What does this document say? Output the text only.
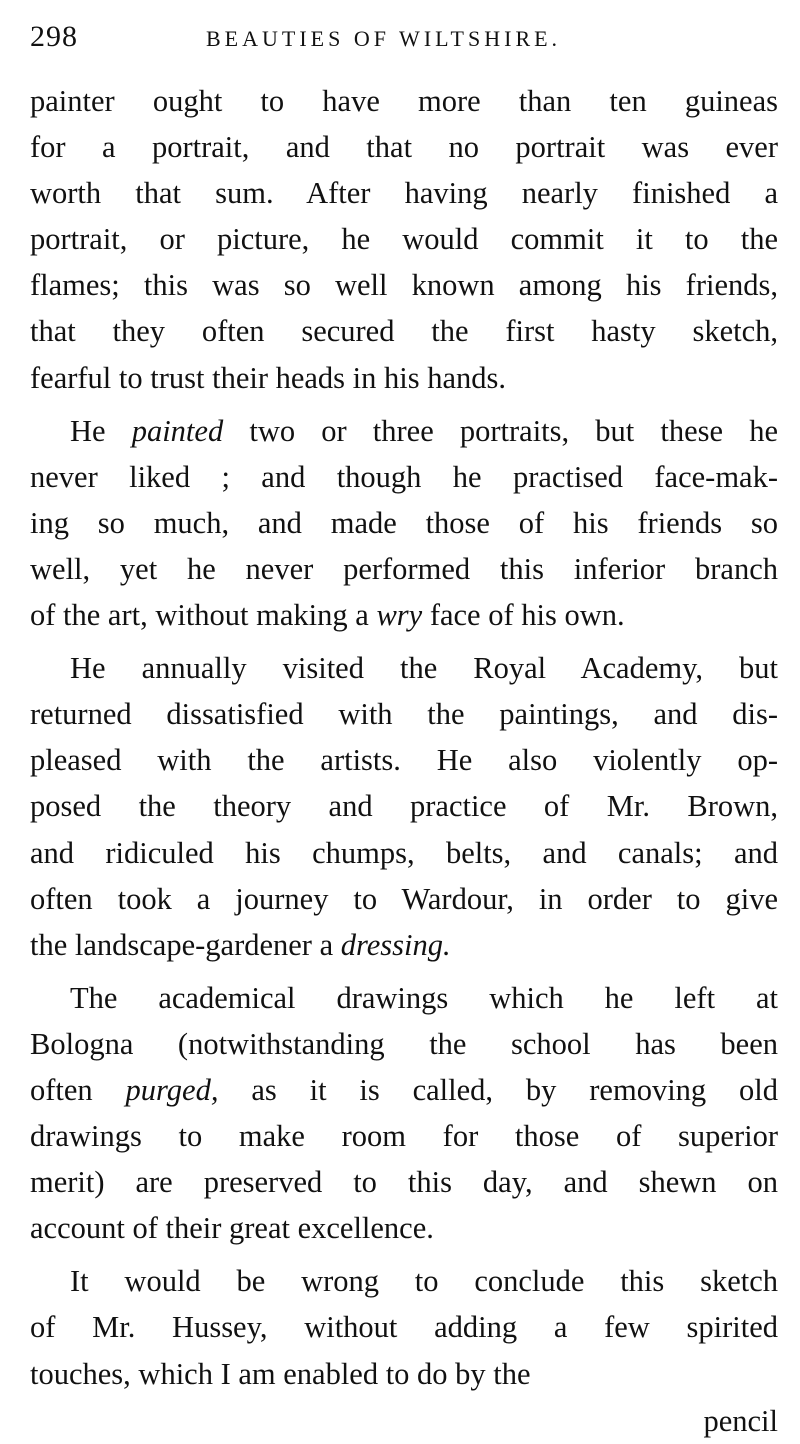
298	BEAUTIES OF WILTSHIRE.
painter ought to have more than ten guineas
for a portrait, and that no portrait was ever
worth that sum. After having nearly finished a
portrait, or picture, he would commit it to the
flames; this was so well known among his friends,
that they often secured the first hasty sketch,
fearful to trust their heads in his hands.
He painted two or three portraits, but these he
never liked ; and though he practised face-mak-
ing so much, and made those of his friends so
well, yet he never performed this inferior branch
of the art, without making a wry face of his own.
He annually visited the Royal Academy, but
returned dissatisfied with the paintings, and dis-
pleased with the artists. He also violently op-
posed the theory and practice of Mr. Brown,
and ridiculed his chumps, belts, and canals; and
often took a journey to Wardour, in order to give
the landscape-gardener a dressing.
The academical drawings which he left at
Bologna (notwithstanding the school has been
often purged, as it is called, by removing old
drawings to make room for those of superior
merit) are preserved to this day, and shewn on
account of their great excellence.
It would be wrong to conclude this sketch
of Mr. Hussey, without adding a few spirited
touches, which I am enabled to do by the
pencil
